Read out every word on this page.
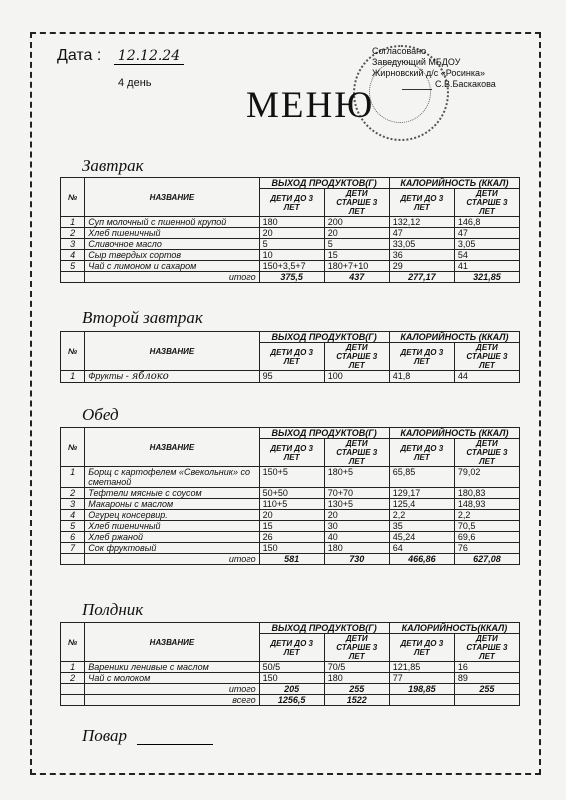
Дата : 12.12.24
4 день
Согласовано
Заведующий МБДОУ
Жирновский д/с «Росинка»
С.В.Баскакова
МЕНЮ
Завтрак
№	НАЗВАНИЕ	ВЫХОД ПРОДУКТОВ(Г)		КАЛОРИЙНОСТЬ (ККАЛ)	
		ДЕТИ ДО 3 ЛЕТ	ДЕТИ СТАРШЕ 3 ЛЕТ	ДЕТИ ДО 3 ЛЕТ	ДЕТИ СТАРШЕ 3 ЛЕТ
1	Суп молочный с пшенной крупой	180	200	132,12	146,8
2	Хлеб пшеничный	20	20	47	47
3	Сливочное масло	5	5	33,05	3,05
4	Сыр твердых сортов	10	15	36	54
5	Чай с лимоном и сахаром	150+3,5+7	180+7+10	29	41
	итого	375,5	437	277,17	321,85
Второй завтрак
№	НАЗВАНИЕ	ВЫХОД ПРОДУКТОВ(Г)		КАЛОРИЙНОСТЬ (ККАЛ)	
		ДЕТИ ДО 3 ЛЕТ	ДЕТИ СТАРШЕ 3 ЛЕТ	ДЕТИ ДО 3 ЛЕТ	ДЕТИ СТАРШЕ 3 ЛЕТ
1	Фрукты - яблоко	95	100	41,8	44
Обед
№	НАЗВАНИЕ	ВЫХОД ПРОДУКТОВ(Г)		КАЛОРИЙНОСТЬ (ККАЛ)	
		ДЕТИ ДО 3 ЛЕТ	ДЕТИ СТАРШЕ 3 ЛЕТ	ДЕТИ ДО 3 ЛЕТ	ДЕТИ СТАРШЕ 3 ЛЕТ
1	Борщ с картофелем «Свекольник» со сметаной	150+5	180+5	65,85	79,02
2	Тефтели мясные с соусом	50+50	70+70	129,17	180,83
3	Макароны с маслом	110+5	130+5	125,4	148,93
4	Огурец консервир.	20	20	2,2	2,2
5	Хлеб пшеничный	15	30	35	70,5
6	Хлеб ржаной	26	40	45,24	69,6
7	Сок фруктовый	150	180	64	76
	итого	581	730	466,86	627,08
Полдник
№	НАЗВАНИЕ	ВЫХОД ПРОДУКТОВ(Г)		КАЛОРИЙНОСТЬ(ККАЛ)	
		ДЕТИ ДО 3 ЛЕТ	ДЕТИ СТАРШЕ 3 ЛЕТ	ДЕТИ ДО 3 ЛЕТ	ДЕТИ СТАРШЕ 3 ЛЕТ
1	Вареники ленивые с маслом	50/5	70/5	121,85	16
2	Чай с молоком	150	180	77	89
	итого	205	255	198,85	255
	всего	1256,5	1522		
Повар
